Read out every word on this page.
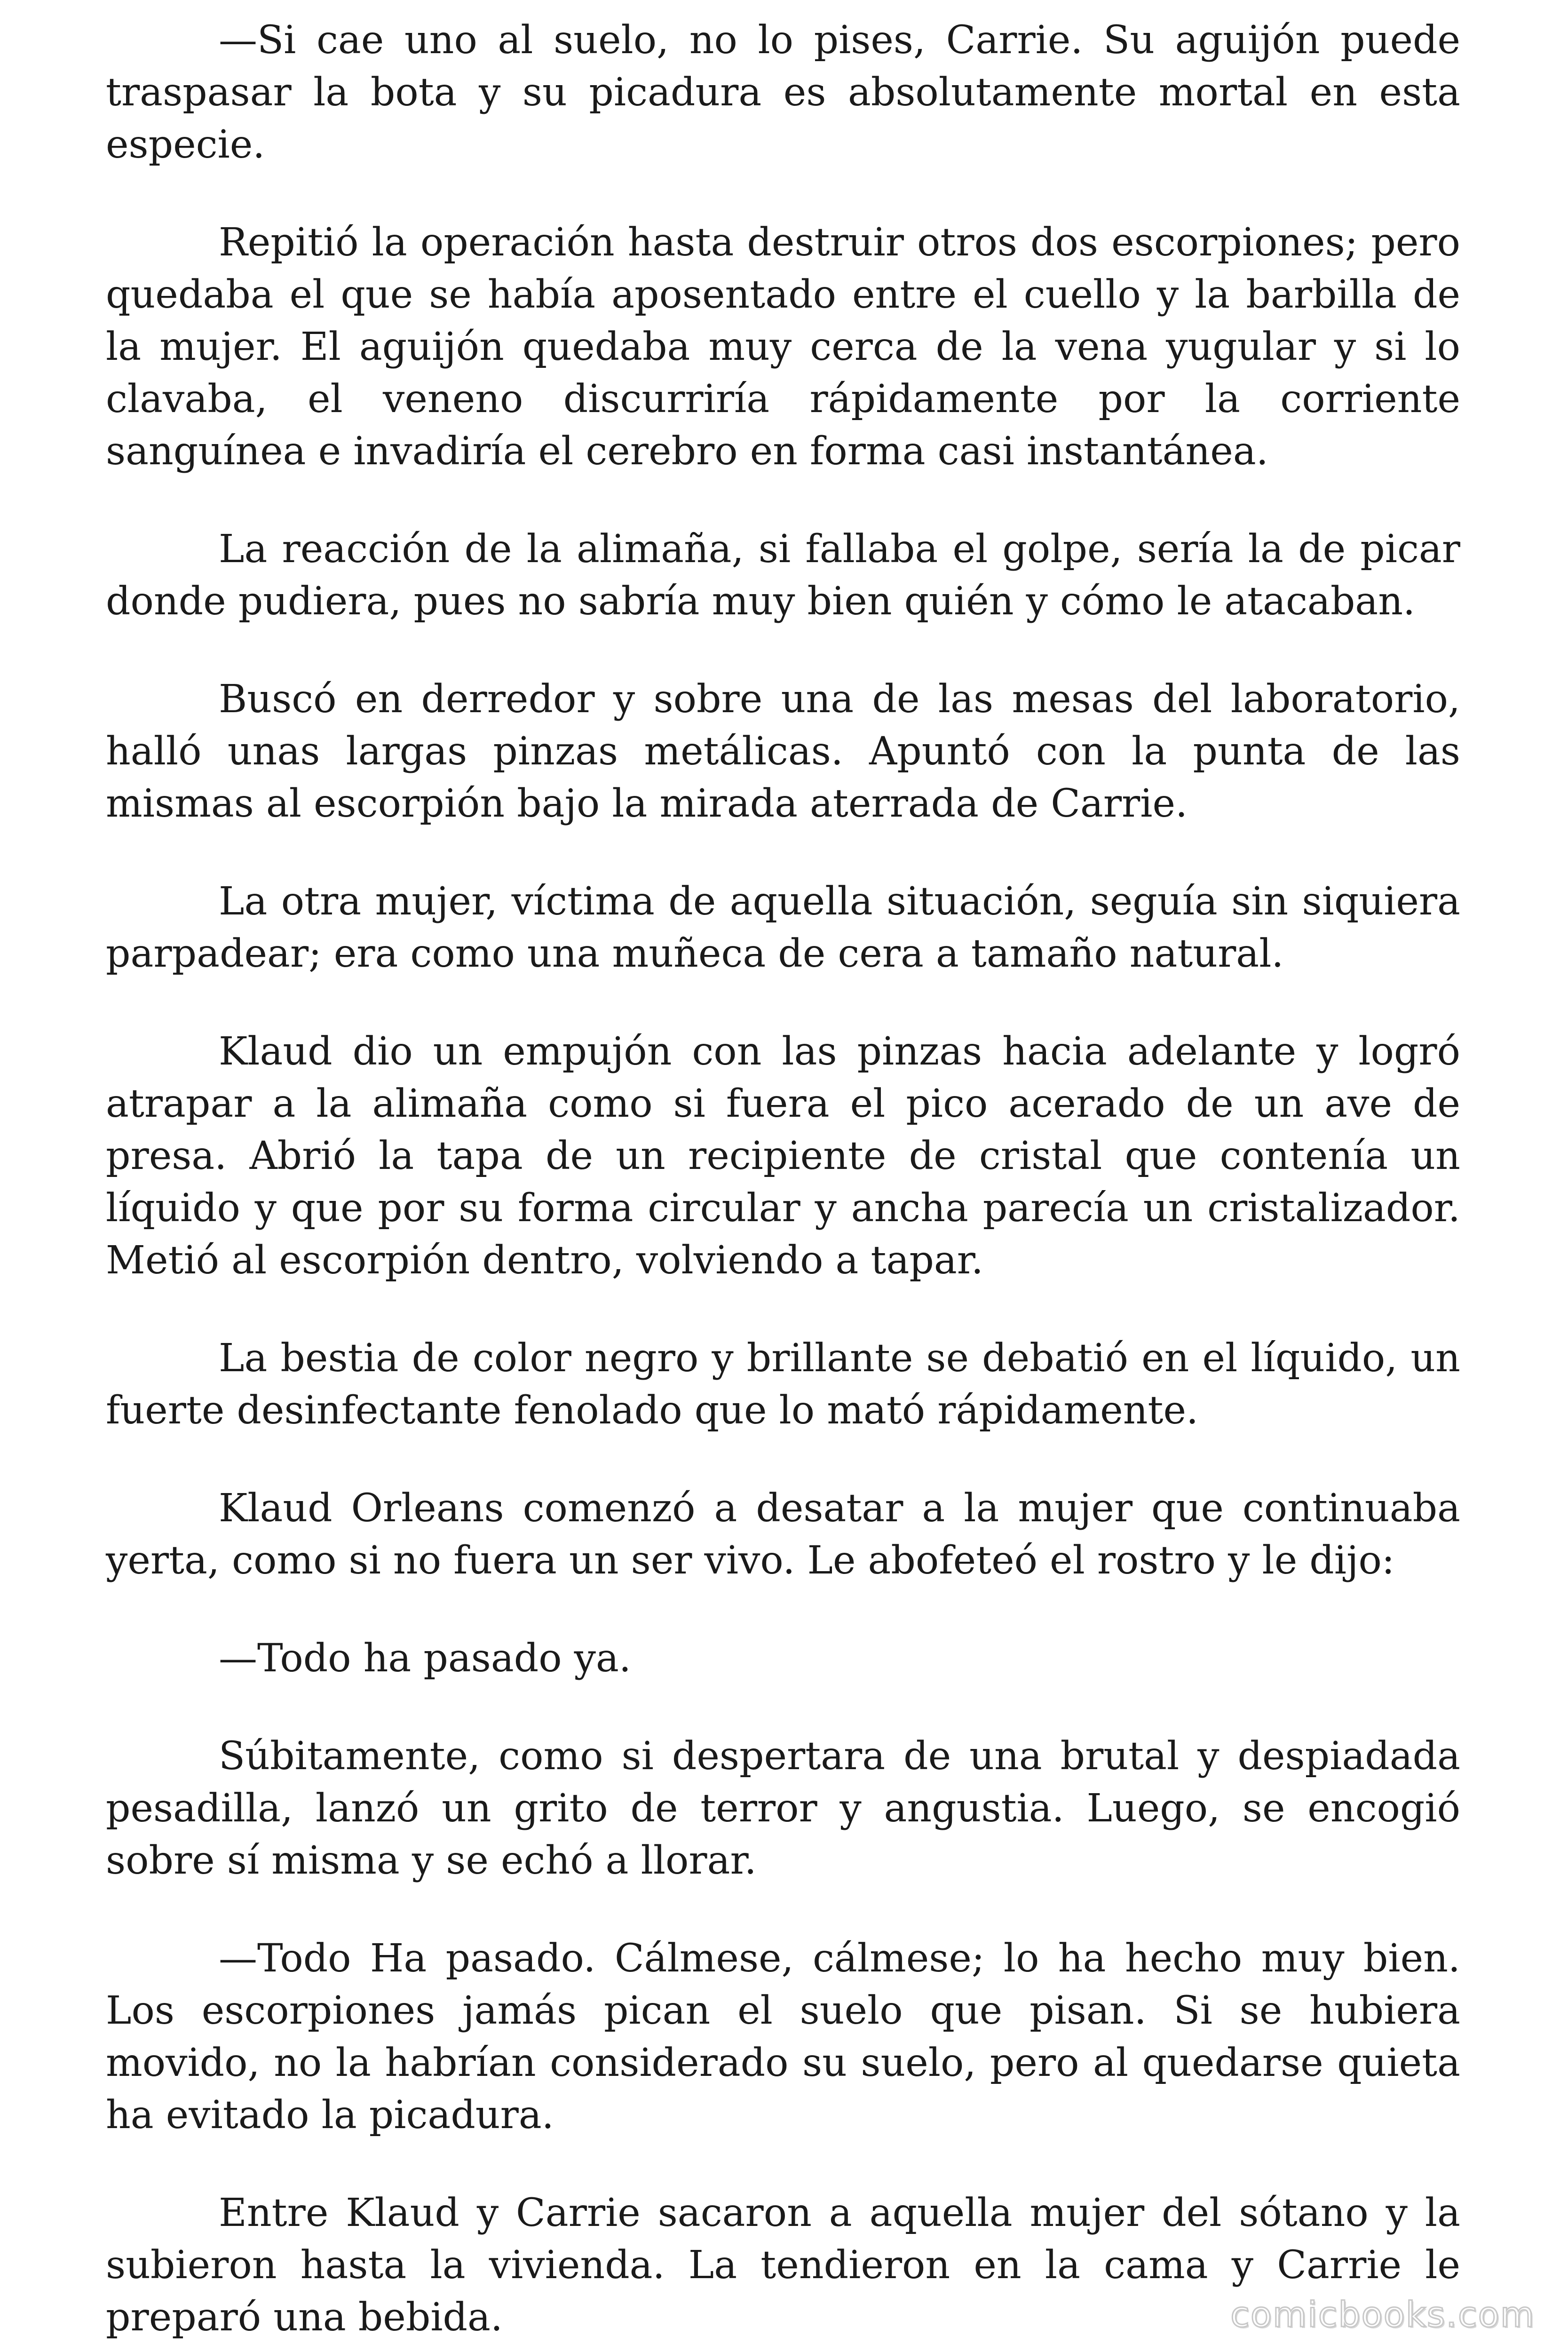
—Si cae uno al suelo, no lo pises, Carrie. Su aguijón puede traspasar la bota y su picadura es absolutamente mortal en esta especie.

Repitió la operación hasta destruir otros dos escorpiones; pero quedaba el que se había aposentado entre el cuello y la barbilla de la mujer. El aguijón quedaba muy cerca de la vena yugular y si lo clavaba, el veneno discurriría rápidamente por la corriente sanguínea e invadiría el cerebro en forma casi instantánea.

La reacción de la alimaña, si fallaba el golpe, sería la de picar donde pudiera, pues no sabría muy bien quién y cómo le atacaban.

Buscó en derredor y sobre una de las mesas del laboratorio, halló unas largas pinzas metálicas. Apuntó con la punta de las mismas al escorpión bajo la mirada aterrada de Carrie.

La otra mujer, víctima de aquella situación, seguía sin siquiera parpadear; era como una muñeca de cera a tamaño natural.

Klaud dio un empujón con las pinzas hacia adelante y logró atrapar a la alimaña como si fuera el pico acerado de un ave de presa. Abrió la tapa de un recipiente de cristal que contenía un líquido y que por su forma circular y ancha parecía un cristalizador. Metió al escorpión dentro, volviendo a tapar.

La bestia de color negro y brillante se debatió en el líquido, un fuerte desinfectante fenolado que lo mató rápidamente.

Klaud Orleans comenzó a desatar a la mujer que continuaba yerta, como si no fuera un ser vivo. Le abofeteó el rostro y le dijo:

—Todo ha pasado ya.

Súbitamente, como si despertara de una brutal y despiadada pesadilla, lanzó un grito de terror y angustia. Luego, se encogió sobre sí misma y se echó a llorar.

—Todo Ha pasado. Cálmese, cálmese; lo ha hecho muy bien. Los escorpiones jamás pican el suelo que pisan. Si se hubiera movido, no la habrían considerado su suelo, pero al quedarse quieta ha evitado la picadura.

Entre Klaud y Carrie sacaron a aquella mujer del sótano y la subieron hasta la vivienda. La tendieron en la cama y Carrie le preparó una bebida.	comicbooks.com
